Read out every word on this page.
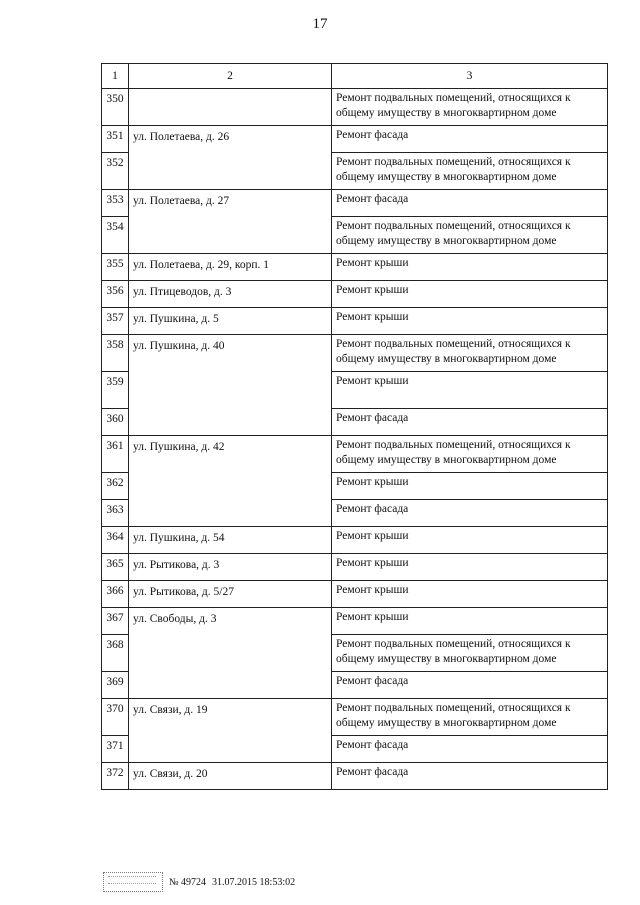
17
1	2	3
350		Ремонт подвальных помещений, относящихся к общему имуществу в многоквартирном доме
351	ул. Полетаева, д. 26	Ремонт фасада
352		Ремонт подвальных помещений, относящихся к общему имуществу в многоквартирном доме
353	ул. Полетаева, д. 27	Ремонт фасада
354		Ремонт подвальных помещений, относящихся к общему имуществу в многоквартирном доме
355	ул. Полетаева, д. 29, корп. 1	Ремонт крыши
356	ул. Птицеводов, д. 3	Ремонт крыши
357	ул. Пушкина, д. 5	Ремонт крыши
358	ул. Пушкина, д. 40	Ремонт подвальных помещений, относящихся к общему имуществу в многоквартирном доме
359		Ремонт крыши
360		Ремонт фасада
361	ул. Пушкина, д. 42	Ремонт подвальных помещений, относящихся к общему имуществу в многоквартирном доме
362		Ремонт крыши
363		Ремонт фасада
364	ул. Пушкина, д. 54	Ремонт крыши
365	ул. Рытикова, д. 3	Ремонт крыши
366	ул. Рытикова, д. 5/27	Ремонт крыши
367	ул. Свободы, д. 3	Ремонт крыши
368		Ремонт подвальных помещений, относящихся к общему имуществу в многоквартирном доме
369		Ремонт фасада
370	ул. Связи, д. 19	Ремонт подвальных помещений, относящихся к общему имуществу в многоквартирном доме
371		Ремонт фасада
372	ул. Связи, д. 20	Ремонт фасада
№ 49724 31.07.2015 18:53:02
